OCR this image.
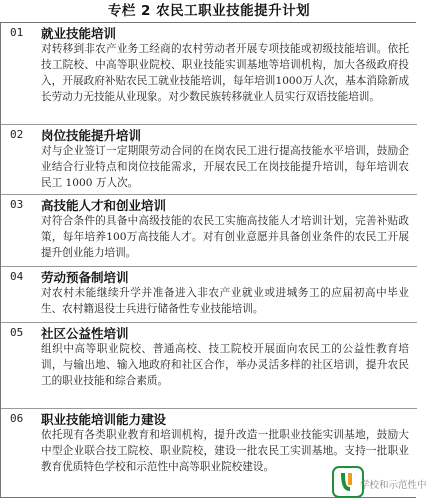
专栏 2 农民工职业技能提升计划
01 就业技能培训
对转移到非农产业务工经商的农村劳动者开展专项技能或初级技能培训。依托技工院校、中高等职业院校、职业技能实训基地等培训机构，加大各级政府投入，开展政府补贴农民工就业技能培训，每年培训1000万人次，基本消除新成长劳动力无技能从业现象。对少数民族转移就业人员实行双语技能培训。
02 岗位技能提升培训
对与企业签订一定期限劳动合同的在岗农民工进行提高技能水平培训，鼓励企业结合行业特点和岗位技能需求，开展农民工在岗技能提升培训，每年培训农民工 1000 万人次。
03 高技能人才和创业培训
对符合条件的具备中高级技能的农民工实施高技能人才培训计划，完善补贴政策，每年培养100万高技能人才。对有创业意愿并具备创业条件的农民工开展提升创业能力培训。
04 劳动预备制培训
对农村未能继续升学并准备进入非农产业就业或进城务工的应届初高中毕业生、农村籍退役士兵进行储备性专业技能培训。
05 社区公益性培训
组织中高等职业院校、普通高校、技工院校开展面向农民工的公益性教育培训，与输出地、输入地政府和社区合作，举办灵活多样的社区培训，提升农民工的职业技能和综合素质。
06 职业技能培训能力建设
依托现有各类职业教育和培训机构，提升改造一批职业技能实训基地，鼓励大中型企业联合技工院校、职业院校，建设一批农民工实训基地。支持一批职业教育优质特色学校和示范性中高等职业院校建设。
学校和示范性中
